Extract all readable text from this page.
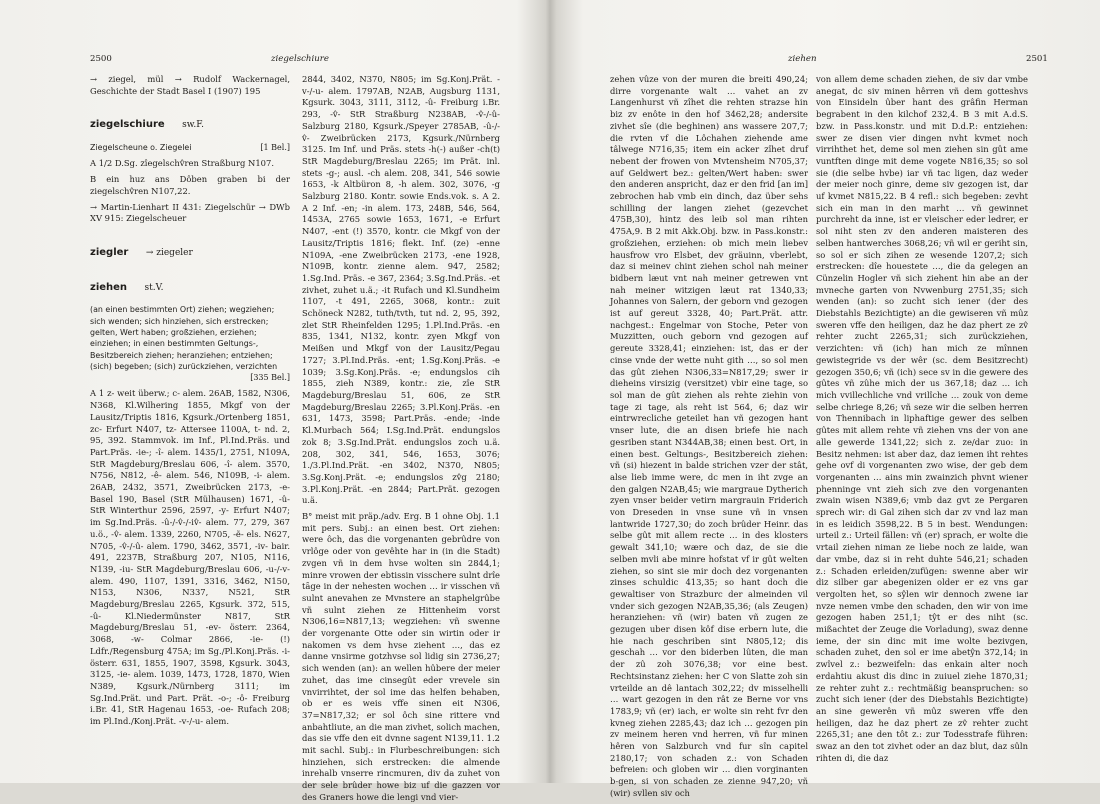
2500	ziegelschiure

→ ziegel, mül → Rudolf Wackernagel, Geschichte der Stadt Basel I (1907) 195

ziegelschiure sw.F.
Ziegelscheune o. Ziegelei	[1 Bel.]

A 1/2 D.Sg. zîegelschv̂ren Straßburg N107.

B ein huz ans Dôben graben bi der ziegelschv̂ren N107,22.

→ Martin-Lienhart II 431: Ziegelschür → DWb XV 915: Ziegelscheuer

ziegler → ziegeler
ziehen st.V.
(an einen bestimmten Ort) ziehen; wegziehen; sich wenden; sich hinziehen, sich erstrecken; gelten, Wert haben; großziehen, erziehen; einziehen; in einen bestimmten Geltungs-, Besitzbereich ziehen; heranziehen; entziehen; (sich) begeben; (sich) zurückziehen, verzichten
[335 Bel.]

A 1 z- weit überw.; c- alem. 26AB, 1582, N306, N368, Kl.Wilhering 1855, Mkgf von der Lausitz/Triptis 1816, Kgsurk./Ortenberg 1851, zc- Erfurt N407, tz- Attersee 1100A, t- nd. 2, 95, 392. Stammvok. im Inf., Pl.Ind.Präs. und Part.Präs. -ie-; -î- alem. 1435/1, 2751, N109A, StR Magdeburg/Breslau 606, -î- alem. 3570, N756, N812, -ê- alem. 546, N109B, -i- alem. 26AB, 2432, 3571, Zweibrücken 2173, -e- Basel 190, Basel (StR Mülhausen) 1671, -û- StR Winterthur 2596, 2597, -y- Erfurt N407; im Sg.Ind.Präs. -û-/-v̂-/-iv̂- alem. 77, 279, 367 u.ö., -v̂- alem. 1339, 2260, N705, -ẽ- els. N627, N705, -v̂-/-û- alem. 1790, 3462, 3571, -iv- bair. 491, 2237B, Straßburg 207, N105, N116, N139, -iu- StR Magdeburg/Breslau 606, -u-/-v- alem. 490, 1107, 1391, 3316, 3462, N150, N153, N306, N337, N521, StR Magdeburg/Breslau 2265, Kgsurk. 372, 515, -û- Kl.Niedermünster N817, StR Magdeburg/Breslau 51, -ev- österr. 2364, 3068, -w- Colmar 2866, -ie- (!) Ldfr./Regensburg 475A; im Sg./Pl.Konj.Präs. -i- österr. 631, 1855, 1907, 3598, Kgsurk. 3043, 3125, -ie- alem. 1039, 1473, 1728, 1870, Wien N389, Kgsurk./Nürnberg 3111; im Sg.Ind.Prät. und Part. Prät. -o-; -ô- Freiburg i.Br. 41, StR Hagenau 1653, -oe- Rufach 208; im Pl.Ind./Konj.Prät. -v-/-u- alem.

2844, 3402, N370, N805; im Sg.Konj.Prät. -v-/-u- alem. 1797AB, N2AB, Augsburg 1131, Kgsurk. 3043, 3111, 3112, -û- Freiburg i.Br. 293, -v̂- StR Straßburg N238AB, -v̂-/-û- Salzburg 2180, Kgsurk./Speyer 2785AB, -û-/-v̂- Zweibrücken 2173, Kgsurk./Nürnberg 3125. Im Inf. und Präs. stets -h(-) außer -ch(t) StR Magdeburg/Breslau 2265; im Prät. inl. stets -g-; ausl. -ch alem. 208, 341, 546 sowie 1653, -k Altbüron 8, -h alem. 302, 3076, -g Salzburg 2180. Kontr. sowie Ends.vok. s. A 2. A 2 Inf. -en; -in alem. 173, 248B, 546, 564, 1453A, 2765 sowie 1653, 1671, -e Erfurt N407, -ent (!) 3570, kontr. cie Mkgf von der Lausitz/Triptis 1816; flekt. Inf. (ze) -enne N109A, -ene Zweibrücken 2173, -ene 1928, N109B, kontr. zienne alem. 947, 2582; 1.Sg.Ind. Präs. -e 367, 2364; 3.Sg.Ind.Präs. -et zivhet, zuhet u.ä.; -it Rufach und Kl.Sundheim 1107, -t 491, 2265, 3068, kontr.: zuit Schöneck N282, tuth/tvth, tut nd. 2, 95, 392, zlet StR Rheinfelden 1295; 1.Pl.Ind.Präs. -en 835, 1341, N132, kontr. zyen Mkgf von Meißen und Mkgf von der Lausitz/Pegau 1727; 3.Pl.Ind.Präs. -ent; 1.Sg.Konj.Präs. -e 1039; 3.Sg.Konj.Präs. -e; endungslos cih 1855, zieh N389, kontr.: zie, zîe StR Magdeburg/Breslau 51, 606, ze StR Magdeburg/Breslau 2265; 3.Pl.Konj.Präs. -en 631, 1473, 3598; Part.Präs. -ende; -inde Kl.Murbach 564; I.Sg.Ind.Prät. endungslos zok 8; 3.Sg.Ind.Prät. endungslos zoch u.ä. 208, 302, 341, 546, 1653, 3076; 1./3.Pl.Ind.Prät. -en 3402, N370, N805; 3.Sg.Konj.Prät. -e; endungslos zv̂g 2180; 3.Pl.Konj.Prät. -en 2844; Part.Prät. gezogen u.ä.

B° meist mit präp./adv. Erg. B 1 ohne Obj. 1.1 mit pers. Subj.: an einen best. Ort ziehen: were ôch, das die vorgenanten gebrûdre von vrlôge oder von gevêhte har in (in die Stadt) zvgen vñ in dem hvse wolten sin 2844,1; minre vrowen der ebtissin visschere sulnt drîe tȃge in der nehesten wochen … ir visschen vñ sulnt anevahen ze Mvnstere an staphelgrûbe vñ sulnt ziehen ze Hittenheim vorst N306,16=N817,13; wegziehen: vñ swenne der vorgenante Otte oder sin wirtin oder ir nakomen vs dem hvse ziehent …, das ez danne vnsirme gotzhvse sol lidig sin 2736,27; sich wenden (an): an wellen hûbere der meier zuhet, das ime cinsegût eder vrevele sin vnvirrihtet, der sol ime das helfen behaben, ob er es weis vffe sinen eit N306, 37=N817,32; er sol ôch sine rittere vnd anbahtliute, an die man zivhet, solich machen, das sie vffe den eit dvnne sagent N139,11. 1.2 mit sachl. Subj.: in Flurbeschreibungen: sich hinziehen, sich erstrecken: die almende inrehalb vnserre rincmuren, div da zuhet von der sele brûder howe biz uf die gazzen vor des Graners howe die lengi vnd vier-

ziehen	2501

zehen vûze von der muren die breiti 490,24; dirre vorgenante walt … vahet an zv Langenhurst vñ zîhet die rehten strazse hin biz zv enôte in den hof 3462,28; andersite zivhet sîe (die beghinen) ans wassere 207,7; die rvten vf die Lôchahen ziehende ame tâlwege N716,35; item ein acker zîhet druf nebent der frowen von Mvtensheim N705,37; auf Geldwert bez.: gelten/Wert haben: swer den anderen anspricht, daz er den frid [an im] zebrochen hab vmb ein dinch, daz über sehs schilling der langen ziehet (gezevchet 475B,30), hintz des leib sol man rihten 475A,9. B 2 mit Akk.Obj. bzw. in Pass.konstr.: großziehen, erziehen: ob mich mein liebev hausfrow vro Elsbet, dev gräuinn, vberlebt, daz si meinev chint ziehen schol nah meiner bidbern læut vnt nah meiner getrewen vnt nah meiner witzigen læut rat 1340,33; Johannes von Salern, der geborn vnd gezogen ist auf gereut 3328, 40; Part.Prät. attr. nachgest.: Engelmar von Stoche, Peter von Muzzitten, ouch geborn vnd gezogen auf gereute 3328,41; einziehen: ist, das er der cinse vnde der wette nuht gith …, so sol men das gût ziehen N306,33=N817,29; swer ir dieheins virsizig (versitzet) vbir eine tage, so sol man de gût ziehen als rehte ziehin von tage zi tage, als reht ist 564, 6; daz wir eintrwrecliche geteilet han vñ gezogen hant vnser lute, die an disen briefe hie nach gesriben stant N344AB,38; einen best. Ort, in einen best. Geltungs-, Besitzbereich ziehen: vñ (si) hiezent in balde strichen vzer der stât, alse lieb imme were, dc men in iht zvge an den galgen N2AB,45; wie margraue Dytherich zyen vnser beider vetirn margrauin Friderich von Dreseden in vnse sune vñ in vnsen lantwride 1727,30; do zoch brûder Heinr. das selbe gût mit allem recte … in des klosters gewalt 341,10; wære och daz, de sie die selben mvli abe minre hofstat vf ir gût welten ziehen, so sint sie mir doch dez vorgenanten zinses schuldic 413,35; so hant doch die gewaltiser von Strazburc der almeinden vil vnder sich gezogen N2AB,35,36; (als Zeugen) heranziehen: vñ (wir) baten vñ zugen ze gezugen uber disen kôf dise erbern lute, die hie nach geschriben sint N805,12; dis geschah … vor den biderben lûten, die man der zû zoh 3076,38; vor eine best. Rechtsinstanz ziehen: her C von Slatte zoh sin vrteilde an dê lantach 302,22; dv misselhelli … wart gezogen in den rât ze Berne vor vns 1783,9; vñ (er) iach, er wolte sin reht fvr den kvneg ziehen 2285,43; daz ich … gezogen pin zv meinem heren vnd herren, vñ fur minen hêren von Salzburch vnd fur sîn capitel 2180,17; von schaden z.: von Schaden befreien: och globen wir … dien vorginanten b-gen, si von schaden ze zienne 947,20; vñ (wir) svllen siv och

von allem deme schaden ziehen, de siv dar vmbe anegat, dc siv minen hêrren vñ dem gotteshvs von Einsideln ûber hant des grâfin Herman begrabent in den kilchof 232,4. B 3 mit A.d.S. bzw. in Pass.konstr. und mit D.d.P.: entziehen: swer ze disen vier dingen nvht kvmet noch virrihthet het, deme sol men ziehen sin gût ame vuntften dinge mit deme vogete N816,35; so sol sie (die selbe hvbe) iar vñ tac ligen, daz weder der meier noch ginre, deme siv gezogen ist, dar uf kvmet N815,22. B 4 refl.: sich begeben: zevht sich ein man in den marht … vñ gewinnet purchreht da inne, ist er vleischer eder ledrer, er sol niht sten zv den anderen maisteren des selben hantwerches 3068,26; vñ wil er geriht sin, so sol er sich zihen ze wesende 1207,2; sich erstrecken: dîe houestete …, die da gelegen an Cünzelin Hogler vñ sich ziehent hin abe an der mvneche garten von Nvwenburg 2751,35; sich wenden (an): so zucht sich iener (der des Diebstahls Bezichtigte) an die gewiseren vñ mûz sweren vffe den heiligen, daz he daz phert ze zv̂ rehter zucht 2265,31; sich zurückziehen, verzichten: vñ (ich) han mich ze mînnen gewistegride vs der wêr (sc. dem Besitzrecht) gezogen 350,6; vñ (ich) sece sv in die gewere des gûtes vñ zûhe mich der us 367,18; daz … ich mich vvillechliche vnd vrilîche … zouk von deme selbe chriege 8,26; vñ seze wir die selben herren von Thennibach in liphaftige gewer des selben gûtes mit allem rehte vñ ziehen vns der von ane alle gewerde 1341,22; sich z. ze/dar zuo: in Besitz nehmen: ist aber daz, daz iemen iht rehtes gehe ovf di vorgenanten zwo wise, der geb dem vorgenanten … ains min zwainzich phvnt wiener phenninge vnt zieh sich zve den vorgenanten zwain wisen N389,6; vmb daz gvt ze Pergaren sprech wir: di Gal zihen sich dar zv vnd laz man in es leidich 3598,22. B 5 in best. Wendungen: urteil z.: Urteil fällen: vñ (er) sprach, er wolte die vrtail ziehen niman ze liebe noch ze laide, wan dar vmbe, daz si in reht duhte 546,21; schaden z.: Schaden erleiden/zufügen: swenne aber wir diz silber gar abegenizen older er ez vns gar vergolten het, so sŷlen wir dennoch zwene iar nvze nemen vmbe den schaden, den wir von ime gezogen haben 251,1; tŷt er des niht (sc. mißachtet der Zeuge die Vorladung), swaz denne ieme, der sin dinc mit ime wolte bezivgen, schaden zuhet, den sol er ime abetŷn 372,14; in zwîvel z.: bezweifeln: das enkain alter noch erdahtiu akust dis dinc in zuiuel ziehe 1870,31; ze rehter zuht z.: rechtmäßig beanspruchen: so zucht sich iener (der des Diebstahls Bezichtigte) an sine gewerên vñ mûz sweren vffe den heiligen, daz he daz phert ze zv̂ rehter zucht 2265,31; ane den tôt z.: zur Todesstrafe führen: swaz an den tot zivhet oder an daz blut, daz sûln rihten di, die daz
